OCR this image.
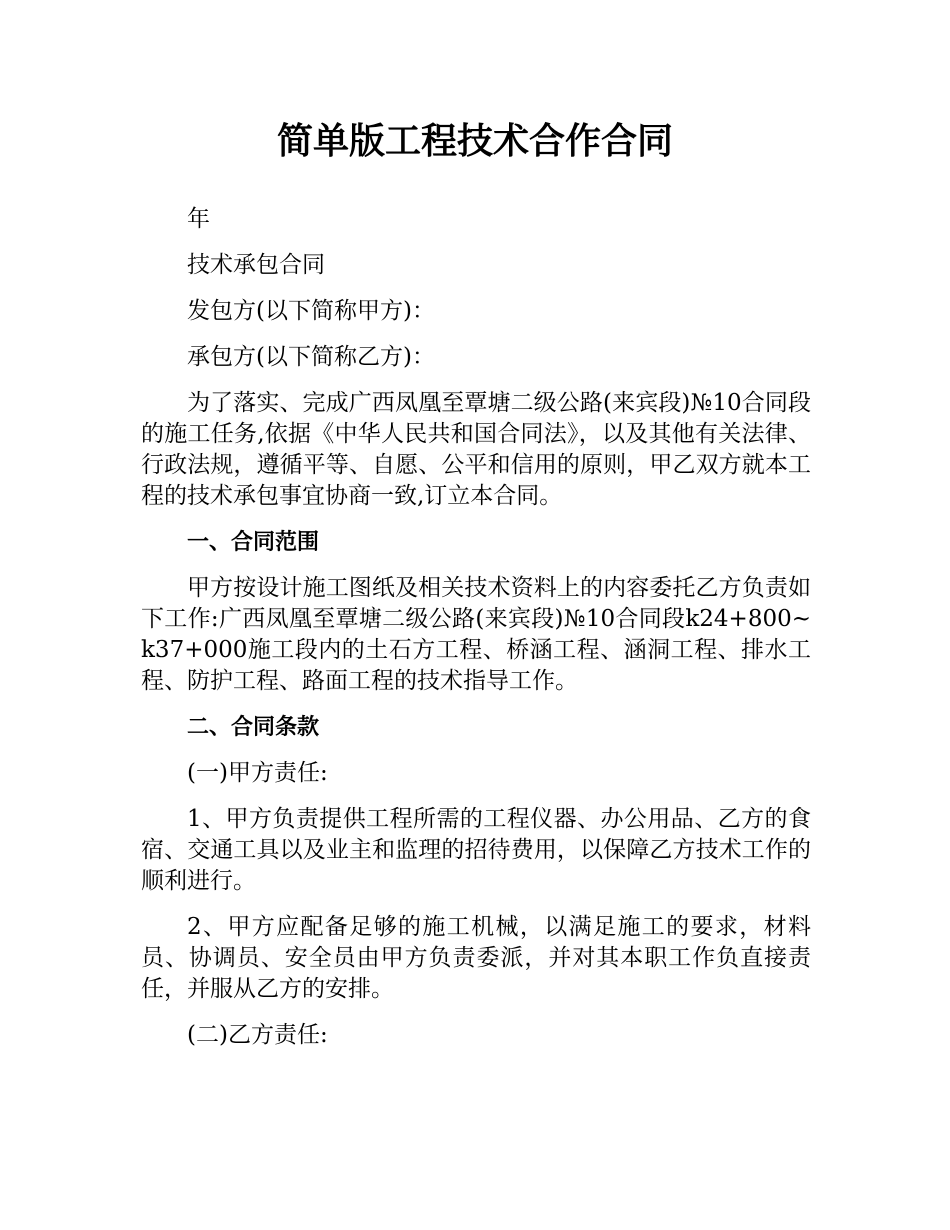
简单版工程技术合作合同

年

技术承包合同

发包方(以下简称甲方)：

承包方(以下简称乙方)：

为了落实、完成广西凤凰至覃塘二级公路(来宾段)№10合同段的施工任务,依据《中华人民共和国合同法》，以及其他有关法律、行政法规，遵循平等、自愿、公平和信用的原则，甲乙双方就本工程的技术承包事宜协商一致,订立本合同。

一、合同范围

甲方按设计施工图纸及相关技术资料上的内容委托乙方负责如下工作:广西凤凰至覃塘二级公路(来宾段)№10合同段k24+800~k37+000施工段内的土石方工程、桥涵工程、涵洞工程、排水工程、防护工程、路面工程的技术指导工作。

二、合同条款

(一)甲方责任:

1、甲方负责提供工程所需的工程仪器、办公用品、乙方的食宿、交通工具以及业主和监理的招待费用，以保障乙方技术工作的顺利进行。

2、甲方应配备足够的施工机械，以满足施工的要求，材料员、协调员、安全员由甲方负责委派，并对其本职工作负直接责任，并服从乙方的安排。

(二)乙方责任:
